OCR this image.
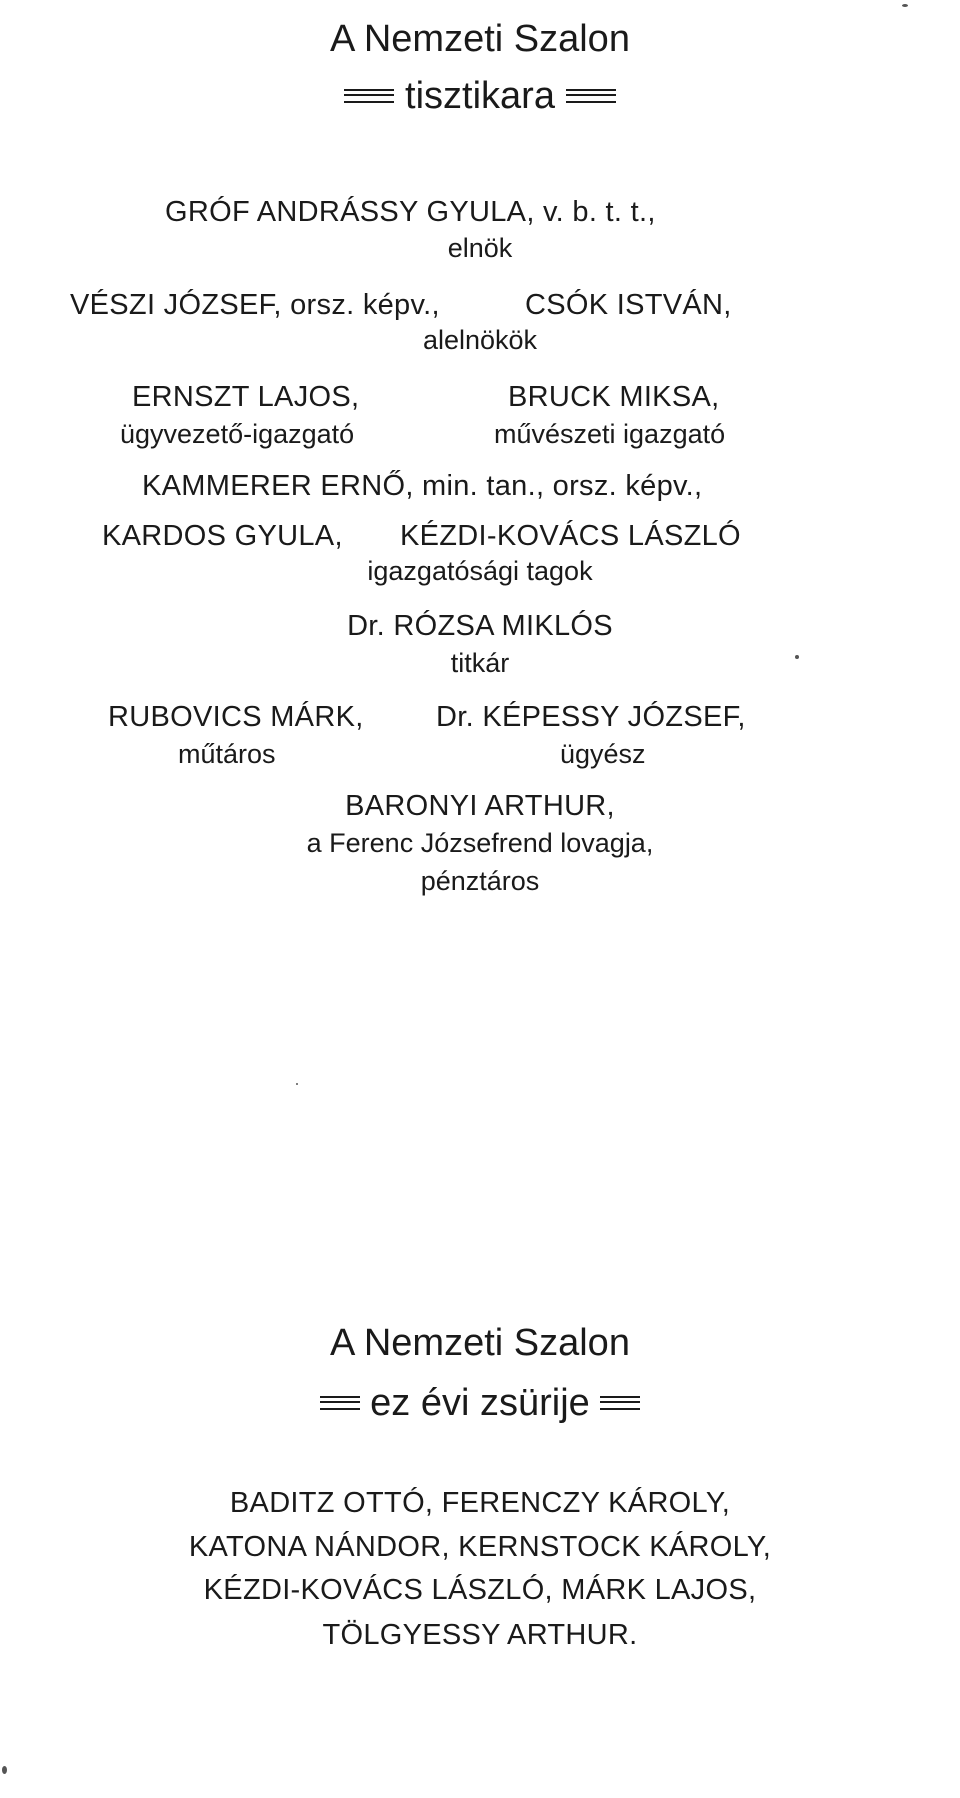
A Nemzeti Szalon
tisztikara
GRÓF ANDRÁSSY GYULA, v. b. t. t.,
elnök
VÉSZI JÓZSEF, orsz. képv.,	CSÓK ISTVÁN,
alelnökök
ERNSZT LAJOS,
ügyvezető-igazgató
BRUCK MIKSA,
művészeti igazgató
KAMMERER ERNŐ, min. tan., orsz. képv.,
KARDOS GYULA, KÉZDI-KOVÁCS LÁSZLÓ
igazgatósági tagok
Dr. RÓZSA MIKLÓS
titkár
RUBOVICS MÁRK,
műtáros
Dr. KÉPESSY JÓZSEF,
ügyész
BARONYI ARTHUR,
a Ferenc Józsefrend lovagja,
pénztáros
A Nemzeti Szalon
ez évi zsürije
BADITZ OTTÓ, FERENCZY KÁROLY,
KATONA NÁNDOR, KERNSTOCK KÁROLY,
KÉZDI-KOVÁCS LÁSZLÓ, MÁRK LAJOS,
TÖLGYESSY ARTHUR.
